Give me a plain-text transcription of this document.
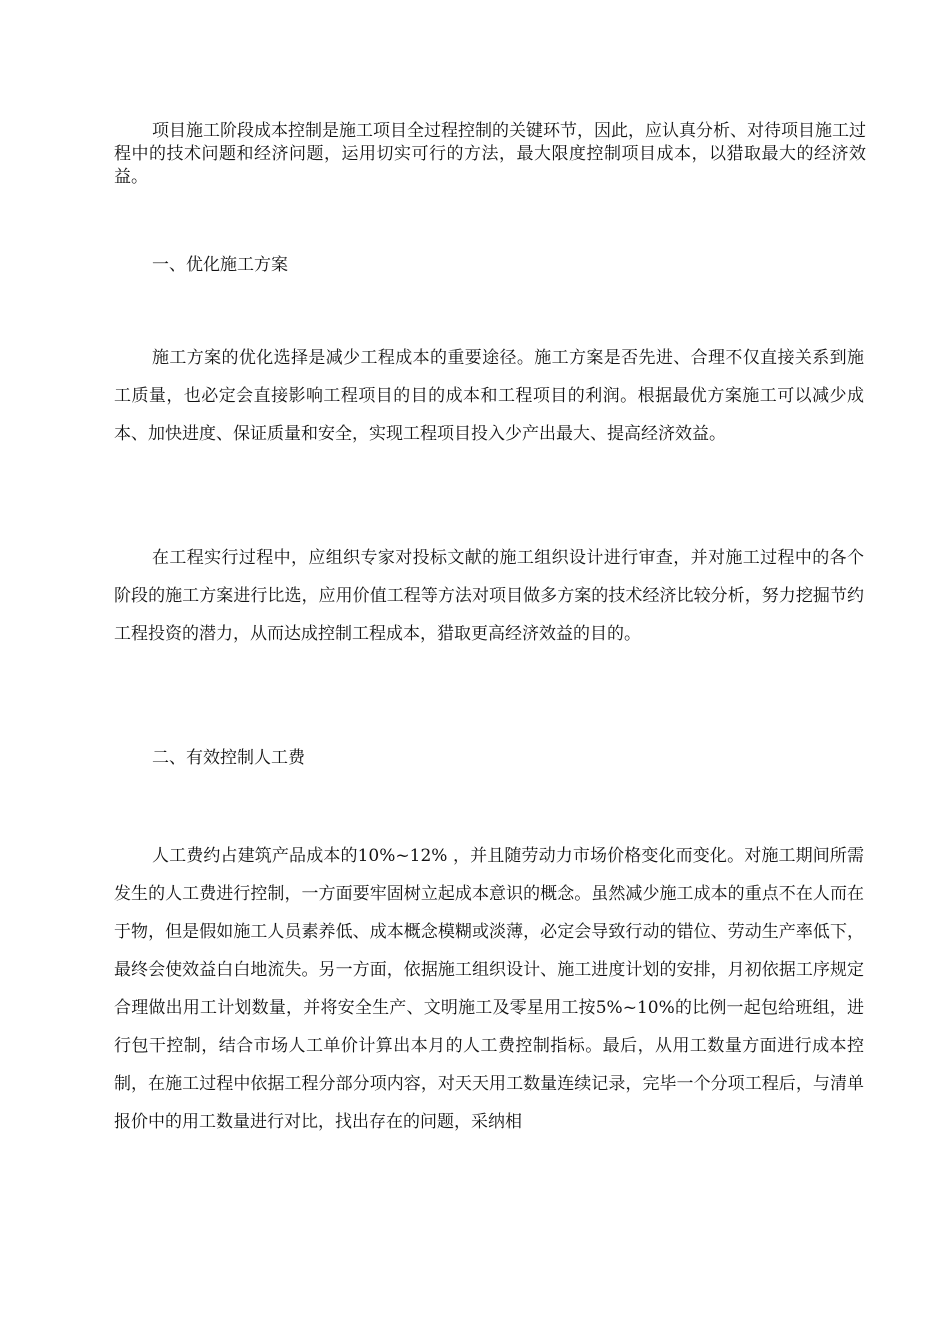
项目施工阶段成本控制是施工项目全过程控制的关键环节，因此，应认真分析、对待项目施工过程中的技术问题和经济问题，运用切实可行的方法，最大限度控制项目成本，以猎取最大的经济效益。

一、优化施工方案

施工方案的优化选择是减少工程成本的重要途径。施工方案是否先进、合理不仅直接关系到施工质量，也必定会直接影响工程项目的目的成本和工程项目的利润。根据最优方案施工可以减少成本、加快进度、保证质量和安全，实现工程项目投入少产出最大、提高经济效益。

在工程实行过程中，应组织专家对投标文献的施工组织设计进行审查，并对施工过程中的各个阶段的施工方案进行比选，应用价值工程等方法对项目做多方案的技术经济比较分析，努力挖掘节约工程投资的潜力，从而达成控制工程成本，猎取更高经济效益的目的。

二、有效控制人工费

人工费约占建筑产品成本的10%~12% ，并且随劳动力市场价格变化而变化。对施工期间所需发生的人工费进行控制，一方面要牢固树立起成本意识的概念。虽然减少施工成本的重点不在人而在于物，但是假如施工人员素养低、成本概念模糊或淡薄，必定会导致行动的错位、劳动生产率低下，最终会使效益白白地流失。另一方面，依据施工组织设计、施工进度计划的安排，月初依据工序规定合理做出用工计划数量，并将安全生产、文明施工及零星用工按5%~10%的比例一起包给班组，进行包干控制，结合市场人工单价计算出本月的人工费控制指标。最后，从用工数量方面进行成本控制，在施工过程中依据工程分部分项内容，对天天用工数量连续记录，完毕一个分项工程后，与清单报价中的用工数量进行对比，找出存在的问题，采纳相
